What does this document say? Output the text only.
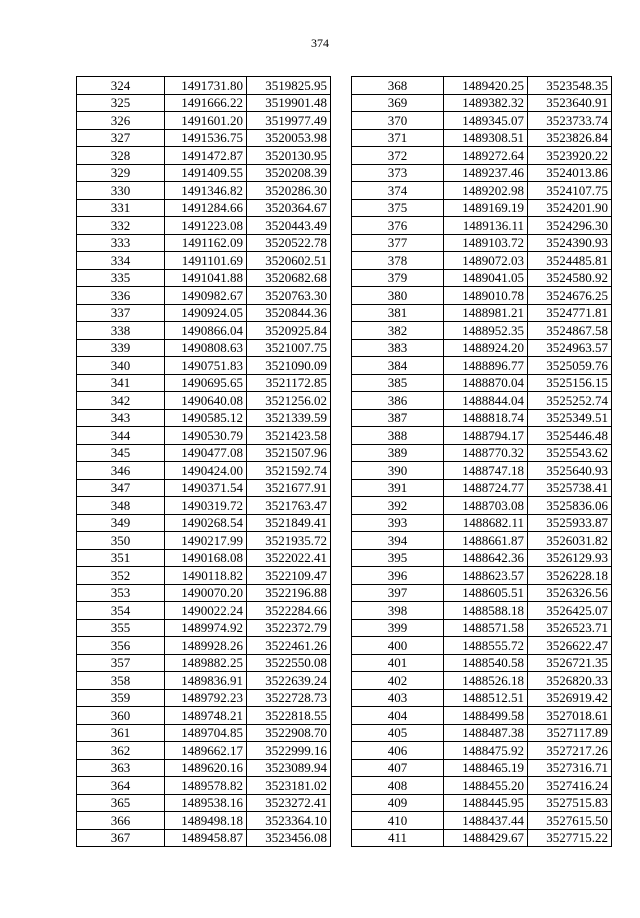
374
324	1491731.80	3519825.95
325	1491666.22	3519901.48
326	1491601.20	3519977.49
327	1491536.75	3520053.98
328	1491472.87	3520130.95
329	1491409.55	3520208.39
330	1491346.82	3520286.30
331	1491284.66	3520364.67
332	1491223.08	3520443.49
333	1491162.09	3520522.78
334	1491101.69	3520602.51
335	1491041.88	3520682.68
336	1490982.67	3520763.30
337	1490924.05	3520844.36
338	1490866.04	3520925.84
339	1490808.63	3521007.75
340	1490751.83	3521090.09
341	1490695.65	3521172.85
342	1490640.08	3521256.02
343	1490585.12	3521339.59
344	1490530.79	3521423.58
345	1490477.08	3521507.96
346	1490424.00	3521592.74
347	1490371.54	3521677.91
348	1490319.72	3521763.47
349	1490268.54	3521849.41
350	1490217.99	3521935.72
351	1490168.08	3522022.41
352	1490118.82	3522109.47
353	1490070.20	3522196.88
354	1490022.24	3522284.66
355	1489974.92	3522372.79
356	1489928.26	3522461.26
357	1489882.25	3522550.08
358	1489836.91	3522639.24
359	1489792.23	3522728.73
360	1489748.21	3522818.55
361	1489704.85	3522908.70
362	1489662.17	3522999.16
363	1489620.16	3523089.94
364	1489578.82	3523181.02
365	1489538.16	3523272.41
366	1489498.18	3523364.10
367	1489458.87	3523456.08
368	1489420.25	3523548.35
369	1489382.32	3523640.91
370	1489345.07	3523733.74
371	1489308.51	3523826.84
372	1489272.64	3523920.22
373	1489237.46	3524013.86
374	1489202.98	3524107.75
375	1489169.19	3524201.90
376	1489136.11	3524296.30
377	1489103.72	3524390.93
378	1489072.03	3524485.81
379	1489041.05	3524580.92
380	1489010.78	3524676.25
381	1488981.21	3524771.81
382	1488952.35	3524867.58
383	1488924.20	3524963.57
384	1488896.77	3525059.76
385	1488870.04	3525156.15
386	1488844.04	3525252.74
387	1488818.74	3525349.51
388	1488794.17	3525446.48
389	1488770.32	3525543.62
390	1488747.18	3525640.93
391	1488724.77	3525738.41
392	1488703.08	3525836.06
393	1488682.11	3525933.87
394	1488661.87	3526031.82
395	1488642.36	3526129.93
396	1488623.57	3526228.18
397	1488605.51	3526326.56
398	1488588.18	3526425.07
399	1488571.58	3526523.71
400	1488555.72	3526622.47
401	1488540.58	3526721.35
402	1488526.18	3526820.33
403	1488512.51	3526919.42
404	1488499.58	3527018.61
405	1488487.38	3527117.89
406	1488475.92	3527217.26
407	1488465.19	3527316.71
408	1488455.20	3527416.24
409	1488445.95	3527515.83
410	1488437.44	3527615.50
411	1488429.67	3527715.22
